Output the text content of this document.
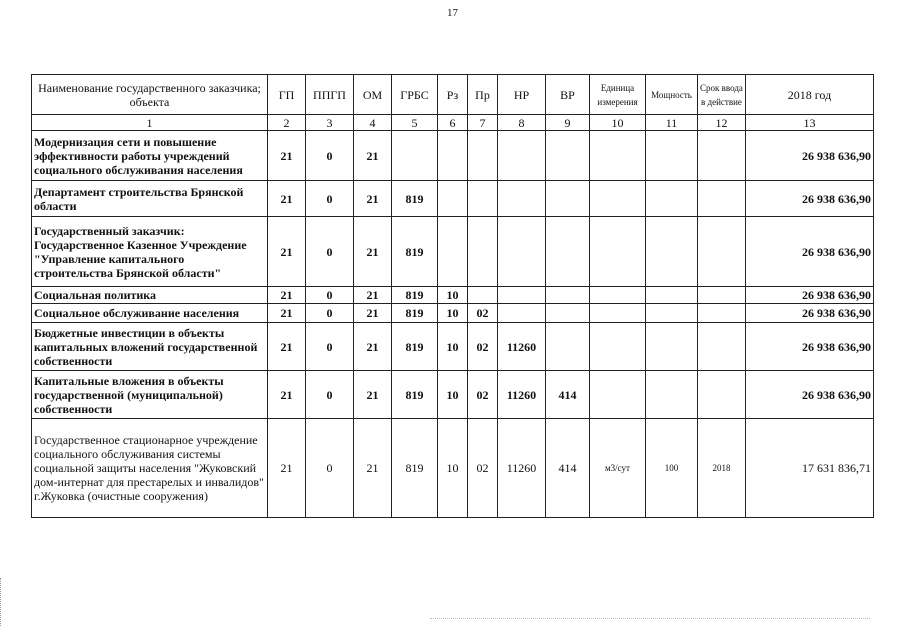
17
Наименование государственного заказчика; объекта	ГП	ППГП	ОМ	ГРБС	Рз	Пр	НР	ВР	Единица измерения	Мощность	Срок ввода в действие	2018 год
1	2	3	4	5	6	7	8	9	10	11	12	13
Модернизация сети и повышение эффективности работы учреждений социального обслуживания населения	21	0	21									26 938 636,90
Департамент строительства Брянской области	21	0	21	819								26 938 636,90
Государственный заказчик: Государственное Казенное Учреждение "Управление капитального строительства Брянской области"	21	0	21	819								26 938 636,90
Социальная политика	21	0	21	819	10							26 938 636,90
Социальное обслуживание населения	21	0	21	819	10	02						26 938 636,90
Бюджетные инвестиции в объекты капитальных вложений государственной собственности	21	0	21	819	10	02	11260					26 938 636,90
Капитальные вложения в объекты государственной (муниципальной) собственности	21	0	21	819	10	02	11260	414				26 938 636,90
Государственное стационарное учреждение социального обслуживания системы социальной защиты населения "Жуковский дом-интернат для престарелых и инвалидов" г.Жуковка (очистные сооружения)	21	0	21	819	10	02	11260	414	м3/сут	100	2018	17 631 836,71
